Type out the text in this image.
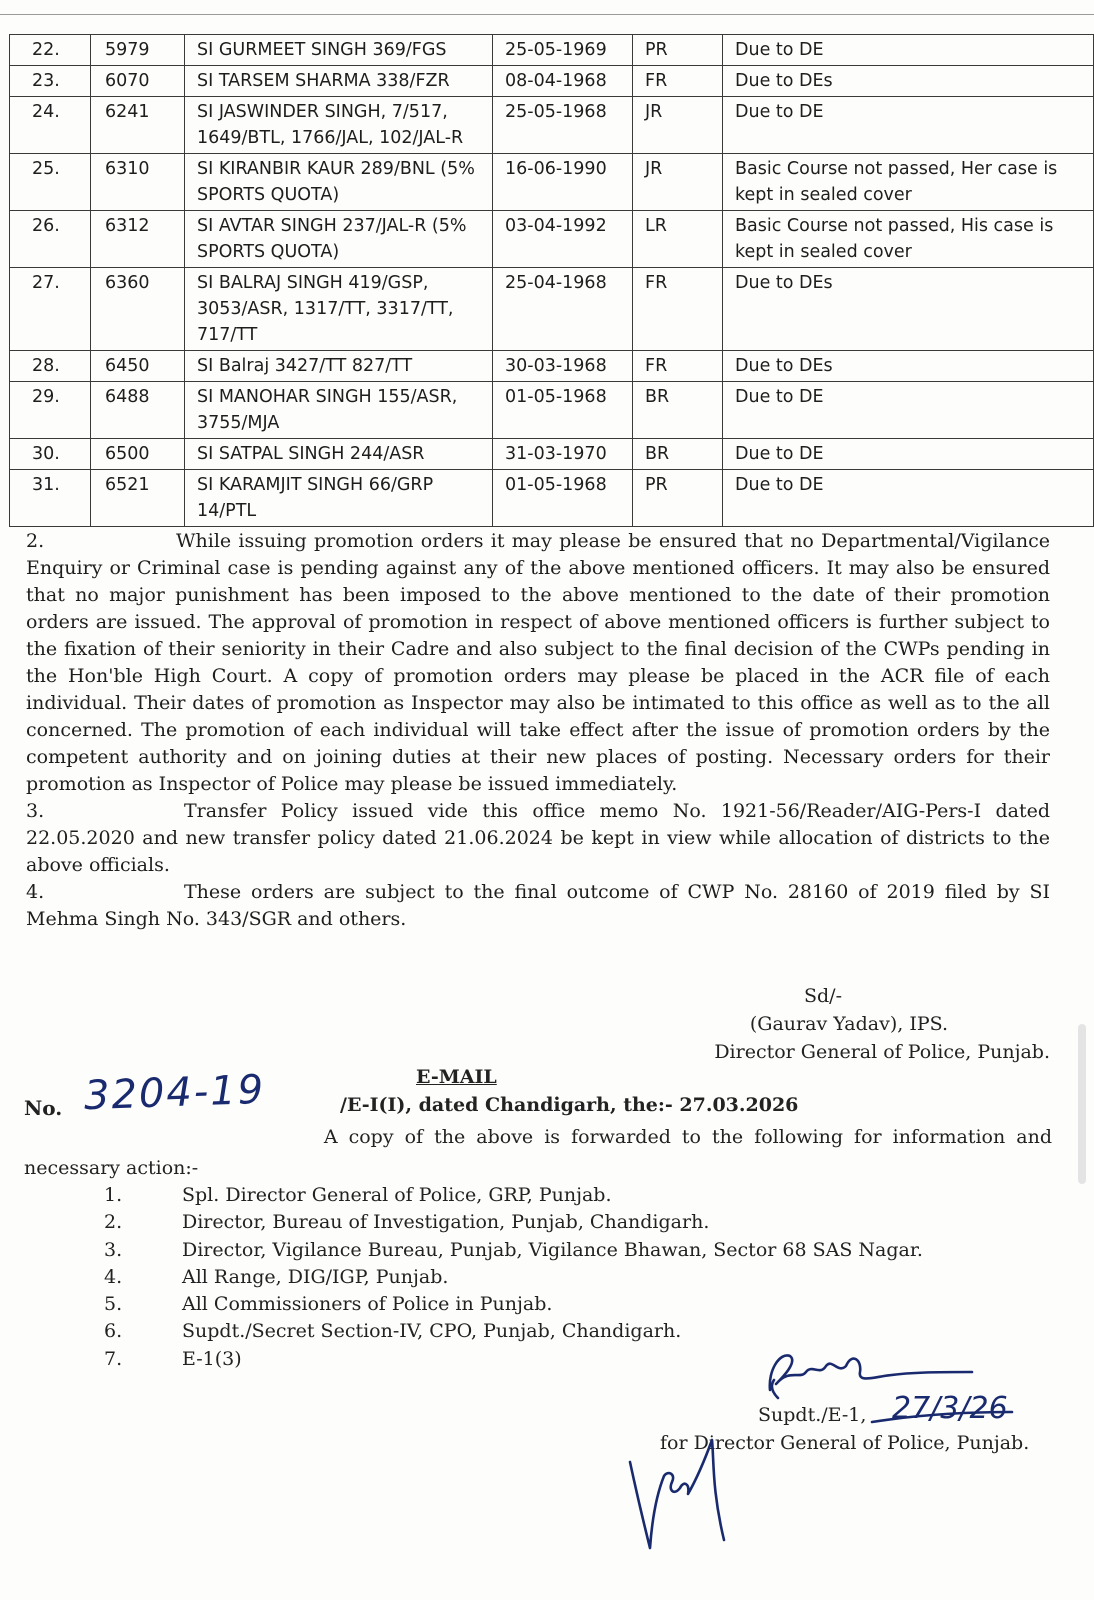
22.	5979	SI GURMEET SINGH 369/FGS	25-05-1969	PR	Due to DE
23.	6070	SI TARSEM SHARMA 338/FZR	08-04-1968	FR	Due to DEs
24.	6241	SI JASWINDER SINGH, 7/517, 1649/BTL, 1766/JAL, 102/JAL-R	25-05-1968	JR	Due to DE
25.	6310	SI KIRANBIR KAUR 289/BNL (5% SPORTS QUOTA)	16-06-1990	JR	Basic Course not passed, Her case is kept in sealed cover
26.	6312	SI AVTAR SINGH 237/JAL-R (5% SPORTS QUOTA)	03-04-1992	LR	Basic Course not passed, His case is kept in sealed cover
27.	6360	SI BALRAJ SINGH 419/GSP, 3053/ASR, 1317/TT, 3317/TT, 717/TT	25-04-1968	FR	Due to DEs
28.	6450	SI Balraj 3427/TT 827/TT	30-03-1968	FR	Due to DEs
29.	6488	SI MANOHAR SINGH 155/ASR, 3755/MJA	01-05-1968	BR	Due to DE
30.	6500	SI SATPAL SINGH 244/ASR	31-03-1970	BR	Due to DE
31.	6521	SI KARAMJIT SINGH 66/GRP 14/PTL	01-05-1968	PR	Due to DE

2.	While issuing promotion orders it may please be ensured that no Departmental/Vigilance Enquiry or Criminal case is pending against any of the above mentioned officers. It may also be ensured that no major punishment has been imposed to the above mentioned to the date of their promotion orders are issued. The approval of promotion in respect of above mentioned officers is further subject to the fixation of their seniority in their Cadre and also subject to the final decision of the CWPs pending in the Hon'ble High Court. A copy of promotion orders may please be placed in the ACR file of each individual. Their dates of promotion as Inspector may also be intimated to this office as well as to the all concerned. The promotion of each individual will take effect after the issue of promotion orders by the competent authority and on joining duties at their new places of posting. Necessary orders for their promotion as Inspector of Police may please be issued immediately.

3.	Transfer Policy issued vide this office memo No. 1921-56/Reader/AIG-Pers-I dated 22.05.2020 and new transfer policy dated 21.06.2024 be kept in view while allocation of districts to the above officials.

4.	These orders are subject to the final outcome of CWP No. 28160 of 2019 filed by SI Mehma Singh No. 343/SGR and others.

Sd/-
(Gaurav Yadav), IPS.
Director General of Police, Punjab.
E-MAIL
No. 3204-19	/E-I(I), dated Chandigarh, the:- 27.03.2026
A copy of the above is forwarded to the following for information and
necessary action:-
1.	Spl. Director General of Police, GRP, Punjab.
2.	Director, Bureau of Investigation, Punjab, Chandigarh.
3.	Director, Vigilance Bureau, Punjab, Vigilance Bhawan, Sector 68 SAS Nagar.
4.	All Range, DIG/IGP, Punjab.
5.	All Commissioners of Police in Punjab.
6.	Supdt./Secret Section-IV, CPO, Punjab, Chandigarh.
7.	E-1(3)
Supdt./E-1,
for Director General of Police, Punjab.
27/3/26
